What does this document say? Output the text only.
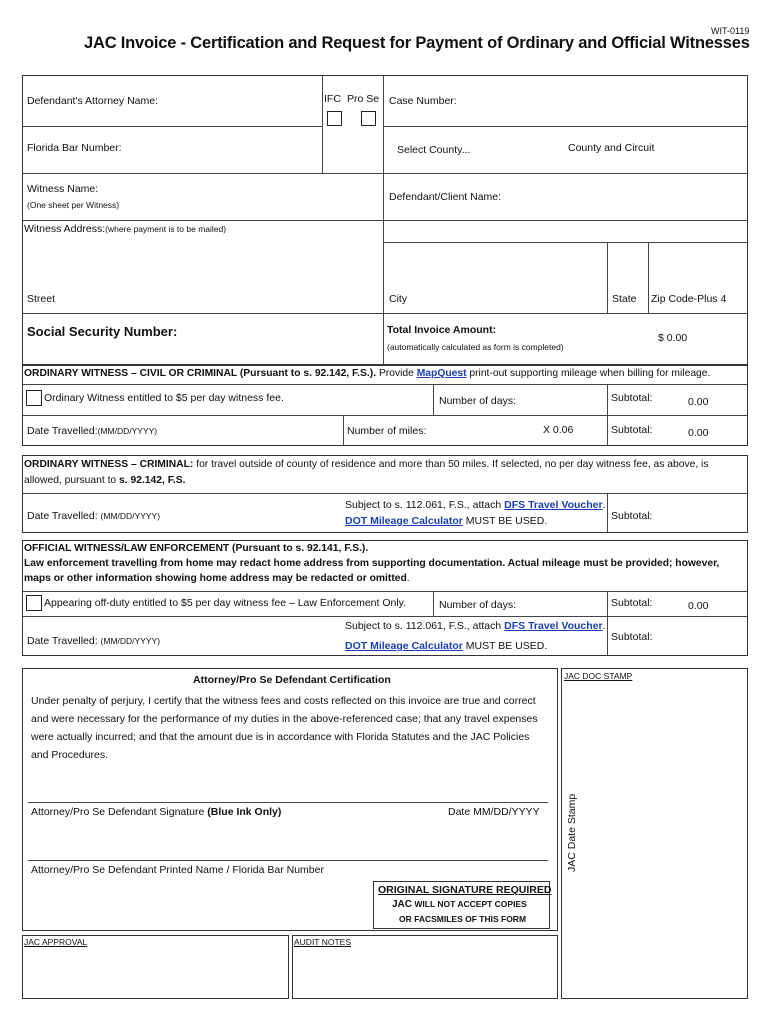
WIT-0119
JAC Invoice - Certification and Request for Payment of Ordinary and Official Witnesses
Defendant's Attorney Name:	IFC Pro Se Case Number:
Florida Bar Number:	Select County...	County and Circuit
Witness Name:
(One sheet per Witness)
Defendant/Client Name:
Witness Address:(where payment is to be mailed)
Street	City	State Zip Code-Plus 4
Social Security Number:	Total Invoice Amount:
(automatically calculated as form is completed)
$ 0.00
ORDINARY WITNESS – CIVIL OR CRIMINAL (Pursuant to s. 92.142, F.S.). Provide MapQuest print-out supporting mileage when billing for mileage.
Ordinary Witness entitled to $5 per day witness fee.	Number of days:	Subtotal:	0.00
Date Travelled:(MM/DD/YYYY)	Number of miles:	X 0.06	Subtotal:	0.00
ORDINARY WITNESS – CRIMINAL: for travel outside of county of residence and more than 50 miles. If selected, no per day witness fee, as above, is
allowed, pursuant to s. 92.142, F.S.
Subject to s. 112.061, F.S., attach DFS Travel Voucher.
DOT Mileage Calculator MUST BE USED.
Date Travelled: (MM/DD/YYYY)	Subtotal:
OFFICIAL WITNESS/LAW ENFORCEMENT (Pursuant to s. 92.141, F.S.).
Law enforcement travelling from home may redact home address from supporting documentation. Actual mileage must be provided; however,
maps or other information showing home address may be redacted or omitted.
Appearing off-duty entitled to $5 per day witness fee – Law Enforcement Only.	Number of days:	Subtotal:	0.00
Subject to s. 112.061, F.S., attach DFS Travel Voucher.
DOT Mileage Calculator MUST BE USED.
Date Travelled: (MM/DD/YYYY)	Subtotal:
Attorney/Pro Se Defendant Certification
Under penalty of perjury, I certify that the witness fees and costs reflected on this invoice are true and correct
and were necessary for the performance of my duties in the above-referenced case; that any travel expenses
were actually incurred; and that the amount due is in accordance with Florida Statutes and the JAC Policies
and Procedures.
Attorney/Pro Se Defendant Signature (Blue Ink Only)	Date MM/DD/YYYY
Attorney/Pro Se Defendant Printed Name / Florida Bar Number
ORIGINAL SIGNATURE REQUIRED
JAC WILL NOT ACCEPT COPIES
OR FACSMILES OF THIS FORM
JAC DOC STAMP
JAC Date Stamp
JAC APPROVAL	AUDIT NOTES
